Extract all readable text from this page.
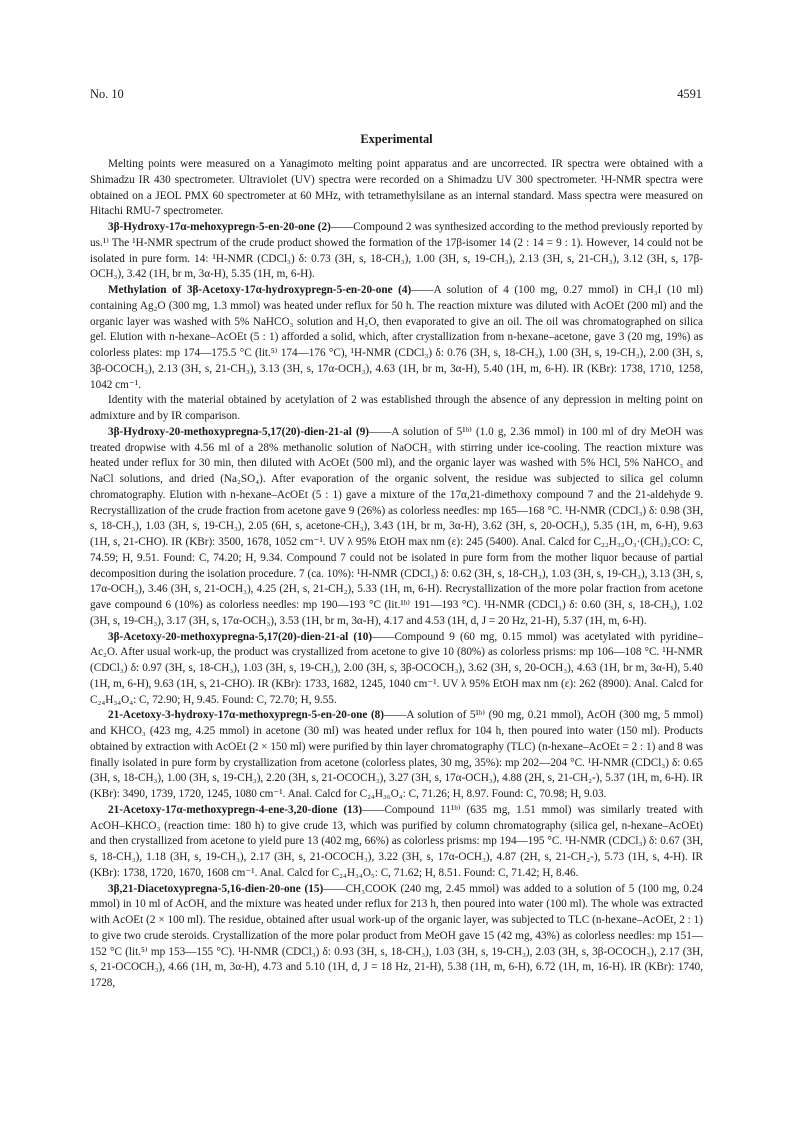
No. 10	4591
Experimental

Melting points were measured on a Yanagimoto melting point apparatus and are uncorrected. IR spectra were obtained with a Shimadzu IR 430 spectrometer. Ultraviolet (UV) spectra were recorded on a Shimadzu UV 300 spectrometer. ¹H-NMR spectra were obtained on a JEOL PMX 60 spectrometer at 60 MHz, with tetramethylsilane as an internal standard. Mass spectra were measured on Hitachi RMU-7 spectrometer.

3β-Hydroxy-17α-mehoxypregn-5-en-20-one (2)——Compound 2 was synthesized according to the method previously reported by us.¹⁾ The ¹H-NMR spectrum of the crude product showed the formation of the 17β-isomer 14 (2 : 14 = 9 : 1). However, 14 could not be isolated in pure form. 14: ¹H-NMR (CDCl₃) δ: 0.73 (3H, s, 18-CH₃), 1.00 (3H, s, 19-CH₃), 2.13 (3H, s, 21-CH₃), 3.12 (3H, s, 17β-OCH₃), 3.42 (1H, br m, 3α-H), 5.35 (1H, m, 6-H).

Methylation of 3β-Acetoxy-17α-hydroxypregn-5-en-20-one (4)——A solution of 4 (100 mg, 0.27 mmol) in CH₃I (10 ml) containing Ag₂O (300 mg, 1.3 mmol) was heated under reflux for 50 h. The reaction mixture was diluted with AcOEt (200 ml) and the organic layer was washed with 5% NaHCO₃ solution and H₂O, then evaporated to give an oil. The oil was chromatographed on silica gel. Elution with n-hexane–AcOEt (5 : 1) afforded a solid, which, after crystallization from n-hexane–acetone, gave 3 (20 mg, 19%) as colorless plates: mp 174—175.5 °C (lit.⁵⁾ 174—176 °C), ¹H-NMR (CDCl₃) δ: 0.76 (3H, s, 18-CH₃), 1.00 (3H, s, 19-CH₃), 2.00 (3H, s, 3β-OCOCH₃), 2.13 (3H, s, 21-CH₃), 3.13 (3H, s, 17α-OCH₃), 4.63 (1H, br m, 3α-H), 5.40 (1H, m, 6-H). IR (KBr): 1738, 1710, 1258, 1042 cm⁻¹.

Identity with the material obtained by acetylation of 2 was established through the absence of any depression in melting point on admixture and by IR comparison.

3β-Hydroxy-20-methoxypregna-5,17(20)-dien-21-al (9)——A solution of 5¹ᵇ⁾ (1.0 g, 2.36 mmol) in 100 ml of dry MeOH was treated dropwise with 4.56 ml of a 28% methanolic solution of NaOCH₃ with stirring under ice-cooling. The reaction mixture was heated under reflux for 30 min, then diluted with AcOEt (500 ml), and the organic layer was washed with 5% HCl, 5% NaHCO₃ and NaCl solutions, and dried (Na₂SO₄). After evaporation of the organic solvent, the residue was subjected to silica gel column chromatography. Elution with n-hexane–AcOEt (5 : 1) gave a mixture of the 17α,21-dimethoxy compound 7 and the 21-aldehyde 9. Recrystallization of the crude fraction from acetone gave 9 (26%) as colorless needles: mp 165—168 °C. ¹H-NMR (CDCl₃) δ: 0.98 (3H, s, 18-CH₃), 1.03 (3H, s, 19-CH₃), 2.05 (6H, s, acetone-CH₃), 3.43 (1H, br m, 3α-H), 3.62 (3H, s, 20-OCH₃), 5.35 (1H, m, 6-H), 9.63 (1H, s, 21-CHO). IR (KBr): 3500, 1678, 1052 cm⁻¹. UV λ 95% EtOH max nm (ε): 245 (5400). Anal. Calcd for C₂₂H₃₂O₃·(CH₃)₂CO: C, 74.59; H, 9.51. Found: C, 74.20; H, 9.34. Compound 7 could not be isolated in pure form from the mother liquor because of partial decomposition during the isolation procedure. 7 (ca. 10%): ¹H-NMR (CDCl₃) δ: 0.62 (3H, s, 18-CH₃), 1.03 (3H, s, 19-CH₃), 3.13 (3H, s, 17α-OCH₃), 3.46 (3H, s, 21-OCH₃), 4.25 (2H, s, 21-CH₂), 5.33 (1H, m, 6-H). Recrystallization of the more polar fraction from acetone gave compound 6 (10%) as colorless needles: mp 190—193 °C (lit.¹ᵇ⁾ 191—193 °C). ¹H-NMR (CDCl₃) δ: 0.60 (3H, s, 18-CH₃), 1.02 (3H, s, 19-CH₃), 3.17 (3H, s, 17α-OCH₃), 3.53 (1H, br m, 3α-H), 4.17 and 4.53 (1H, d, J = 20 Hz, 21-H), 5.37 (1H, m, 6-H).

3β-Acetoxy-20-methoxypregna-5,17(20)-dien-21-al (10)——Compound 9 (60 mg, 0.15 mmol) was acetylated with pyridine–Ac₂O. After usual work-up, the product was crystallized from acetone to give 10 (80%) as colorless prisms: mp 106—108 °C. ¹H-NMR (CDCl₃) δ: 0.97 (3H, s, 18-CH₃), 1.03 (3H, s, 19-CH₃), 2.00 (3H, s, 3β-OCOCH₃), 3.62 (3H, s, 20-OCH₃), 4.63 (1H, br m, 3α-H), 5.40 (1H, m, 6-H), 9.63 (1H, s, 21-CHO). IR (KBr): 1733, 1682, 1245, 1040 cm⁻¹. UV λ 95% EtOH max nm (ε): 262 (8900). Anal. Calcd for C₂₄H₃₄O₄: C, 72.90; H, 9.45. Found: C, 72.70; H, 9.55.

21-Acetoxy-3-hydroxy-17α-methoxypregn-5-en-20-one (8)——A solution of 5¹ᵇ⁾ (90 mg, 0.21 mmol), AcOH (300 mg, 5 mmol) and KHCO₃ (423 mg, 4.25 mmol) in acetone (30 ml) was heated under reflux for 104 h, then poured into water (150 ml). Products obtained by extraction with AcOEt (2 × 150 ml) were purified by thin layer chromatography (TLC) (n-hexane–AcOEt = 2 : 1) and 8 was finally isolated in pure form by crystallization from acetone (colorless plates, 30 mg, 35%): mp 202—204 °C. ¹H-NMR (CDCl₃) δ: 0.65 (3H, s, 18-CH₃), 1.00 (3H, s, 19-CH₃), 2.20 (3H, s, 21-OCOCH₃), 3.27 (3H, s, 17α-OCH₃), 4.88 (2H, s, 21-CH₂-), 5.37 (1H, m, 6-H). IR (KBr): 3490, 1739, 1720, 1245, 1080 cm⁻¹. Anal. Calcd for C₂₄H₃₆O₄: C, 71.26; H, 8.97. Found: C, 70.98; H, 9.03.

21-Acetoxy-17α-methoxypregn-4-ene-3,20-dione (13)——Compound 11¹ᵇ⁾ (635 mg, 1.51 mmol) was similarly treated with AcOH–KHCO₃ (reaction time: 180 h) to give crude 13, which was purified by column chromatography (silica gel, n-hexane–AcOEt) and then crystallized from acetone to yield pure 13 (402 mg, 66%) as colorless prisms: mp 194—195 °C. ¹H-NMR (CDCl₃) δ: 0.67 (3H, s, 18-CH₃), 1.18 (3H, s, 19-CH₃), 2.17 (3H, s, 21-OCOCH₃), 3.22 (3H, s, 17α-OCH₃), 4.87 (2H, s, 21-CH₂-), 5.73 (1H, s, 4-H). IR (KBr): 1738, 1720, 1670, 1608 cm⁻¹. Anal. Calcd for C₂₄H₃₄O₅: C, 71.62; H, 8.51. Found: C, 71.42; H, 8.46.

3β,21-Diacetoxypregna-5,16-dien-20-one (15)——CH₃COOK (240 mg, 2.45 mmol) was added to a solution of 5 (100 mg, 0.24 mmol) in 10 ml of AcOH, and the mixture was heated under reflux for 213 h, then poured into water (100 ml). The whole was extracted with AcOEt (2 × 100 ml). The residue, obtained after usual work-up of the organic layer, was subjected to TLC (n-hexane–AcOEt, 2 : 1) to give two crude steroids. Crystallization of the more polar product from MeOH gave 15 (42 mg, 43%) as colorless needles: mp 151—152 °C (lit.⁵⁾ mp 153—155 °C). ¹H-NMR (CDCl₃) δ: 0.93 (3H, s, 18-CH₃), 1.03 (3H, s, 19-CH₃), 2.03 (3H, s, 3β-OCOCH₃), 2.17 (3H, s, 21-OCOCH₃), 4.66 (1H, m, 3α-H), 4.73 and 5.10 (1H, d, J = 18 Hz, 21-H), 5.38 (1H, m, 6-H), 6.72 (1H, m, 16-H). IR (KBr): 1740, 1728,
